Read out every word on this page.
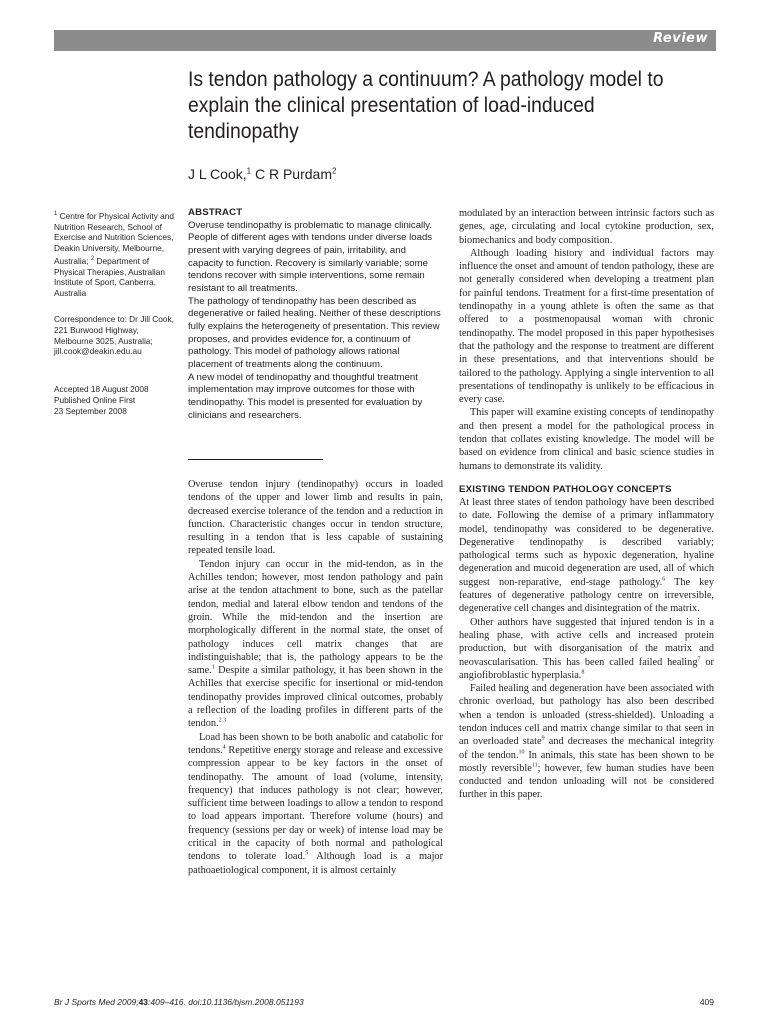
Review
Is tendon pathology a continuum? A pathology model to explain the clinical presentation of load-induced tendinopathy

J L Cook,$^1$ C R Purdam$^2$

$^1$ Centre for Physical Activity and Nutrition Research, School of Exercise and Nutrition Sciences, Deakin University, Melbourne, Australia; $^2$ Department of Physical Therapies, Australian Institute of Sport, Canberra, Australia

Correspondence to: Dr Jill Cook, 221 Burwood Highway, Melbourne 3025, Australia; jill.cook@deakin.edu.au

Accepted 18 August 2008

Published Online First

23 September 2008

ABSTRACT

Overuse tendinopathy is problematic to manage clinically. People of different ages with tendons under diverse loads present with varying degrees of pain, irritability, and capacity to function. Recovery is similarly variable; some tendons recover with simple interventions, some remain resistant to all treatments.

The pathology of tendinopathy has been described as degenerative or failed healing. Neither of these descriptions fully explains the heterogeneity of presentation. This review proposes, and provides evidence for, a continuum of pathology. This model of pathology allows rational placement of treatments along the continuum.

A new model of tendinopathy and thoughtful treatment implementation may improve outcomes for those with tendinopathy. This model is presented for evaluation by clinicians and researchers.

Overuse tendon injury (tendinopathy) occurs in loaded tendons of the upper and lower limb and results in pain, decreased exercise tolerance of the tendon and a reduction in function. Characteristic changes occur in tendon structure, resulting in a tendon that is less capable of sustaining repeated tensile load.

Tendon injury can occur in the mid-tendon, as in the Achilles tendon; however, most tendon pathology and pain arise at the tendon attachment to bone, such as the patellar tendon, medial and lateral elbow tendon and tendons of the groin. While the mid-tendon and the insertion are morphologically different in the normal state, the onset of pathology induces cell matrix changes that are indistinguishable; that is, the pathology appears to be the same.$^1$ Despite a similar pathology, it has been shown in the Achilles that exercise specific for insertional or mid-tendon tendinopathy provides improved clinical outcomes, probably a reflection of the loading profiles in different parts of the tendon.$^{2 3}$

Load has been shown to be both anabolic and catabolic for tendons.$^4$ Repetitive energy storage and release and excessive compression appear to be key factors in the onset of tendinopathy. The amount of load (volume, intensity, frequency) that induces pathology is not clear; however, sufficient time between loadings to allow a tendon to respond to load appears important. Therefore volume (hours) and frequency (sessions per day or week) of intense load may be critical in the capacity of both normal and pathological tendons to tolerate load.$^5$ Although load is a major pathoaetiological component, it is almost certainly

modulated by an interaction between intrinsic factors such as genes, age, circulating and local cytokine production, sex, biomechanics and body composition.

Although loading history and individual factors may influence the onset and amount of tendon pathology, these are not generally considered when developing a treatment plan for painful tendons. Treatment for a first-time presentation of tendinopathy in a young athlete is often the same as that offered to a postmenopausal woman with chronic tendinopathy. The model proposed in this paper hypothesises that the pathology and the response to treatment are different in these presentations, and that interventions should be tailored to the pathology. Applying a single intervention to all presentations of tendinopathy is unlikely to be efficacious in every case.

This paper will examine existing concepts of tendinopathy and then present a model for the pathological process in tendon that collates existing knowledge. The model will be based on evidence from clinical and basic science studies in humans to demonstrate its validity.

EXISTING TENDON PATHOLOGY CONCEPTS

At least three states of tendon pathology have been described to date. Following the demise of a primary inflammatory model, tendinopathy was considered to be degenerative. Degenerative tendinopathy is described variably; pathological terms such as hypoxic degeneration, hyaline degeneration and mucoid degeneration are used, all of which suggest non-reparative, end-stage pathology.$^6$ The key features of degenerative pathology centre on irreversible, degenerative cell changes and disintegration of the matrix.

Other authors have suggested that injured tendon is in a healing phase, with active cells and increased protein production, but with disorganisation of the matrix and neovascularisation. This has been called failed healing$^7$ or angiofibroblastic hyperplasia.$^8$

Failed healing and degeneration have been associated with chronic overload, but pathology has also been described when a tendon is unloaded (stress-shielded). Unloading a tendon induces cell and matrix change similar to that seen in an overloaded state$^9$ and decreases the mechanical integrity of the tendon.$^{10}$ In animals, this state has been shown to be mostly reversible$^{11}$; however, few human studies have been conducted and tendon unloading will not be considered further in this paper.

Br J Sports Med 2009;43:409–416. doi:10.1136/bjsm.2008.051193	409
